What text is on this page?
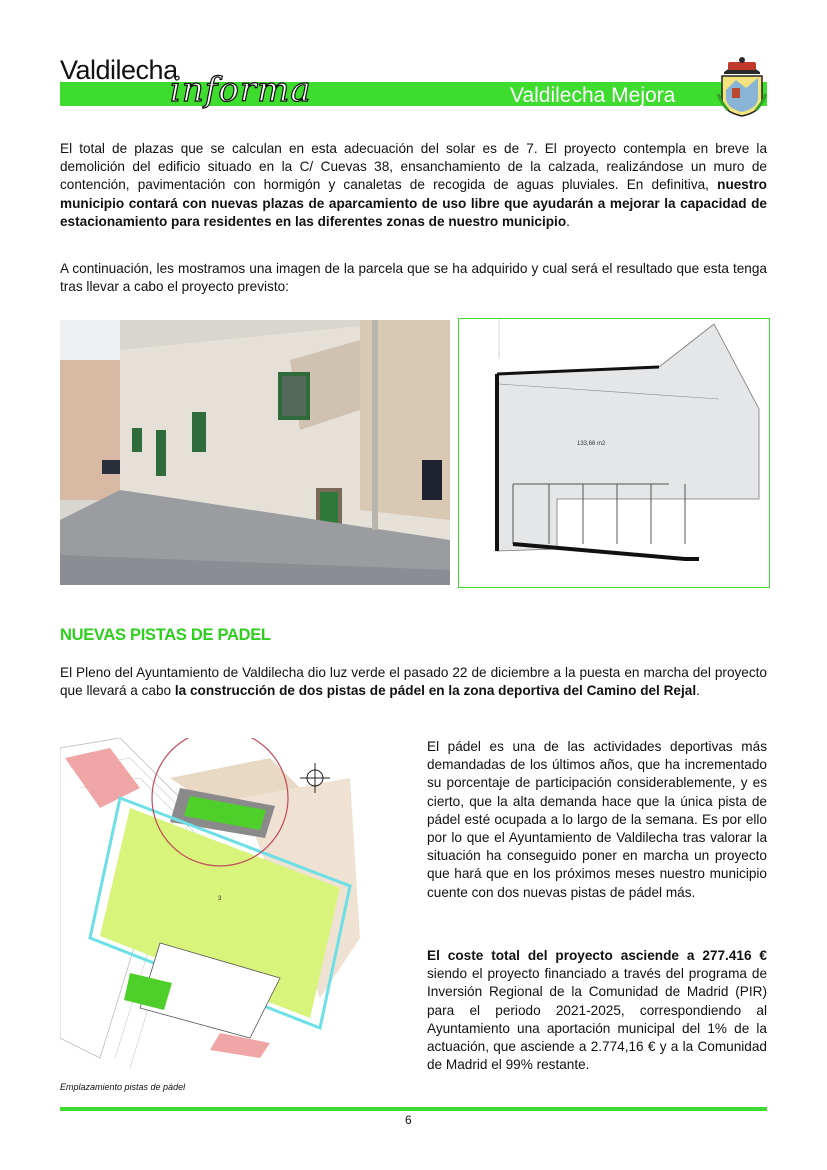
Valdilecha
informa	Valdilecha Mejora
El total de plazas que se calculan en esta adecuación del solar es de 7. El proyecto contempla en breve la demolición del edificio situado en la C/ Cuevas 38, ensanchamiento de la calzada, realizándose un muro de contención, pavimentación con hormigón y canaletas de recogida de aguas pluviales. En definitiva, nuestro municipio contará con nuevas plazas de aparcamiento de uso libre que ayudarán a mejorar la capacidad de estacionamiento para residentes en las diferentes zonas de nuestro municipio.
A continuación, les mostramos una imagen de la parcela que se ha adquirido y cual será el resultado que esta tenga tras llevar a cabo el proyecto previsto:
133,66 m2
NUEVAS PISTAS DE PADEL
El Pleno del Ayuntamiento de Valdilecha dio luz verde el pasado 22 de diciembre a la puesta en marcha del proyecto que llevará a cabo la construcción de dos pistas de pádel en la zona deportiva del Camino del Rejal.
3
El pádel es una de las actividades deportivas más demandadas de los últimos años, que ha incrementado su porcentaje de participación considerablemente, y es cierto, que la alta demanda hace que la única pista de pádel esté ocupada a lo largo de la semana. Es por ello por lo que el Ayuntamiento de Valdilecha tras valorar la situación ha conseguido poner en marcha un proyecto que hará que en los próximos meses nuestro municipio cuente con dos nuevas pistas de pádel más.
El coste total del proyecto asciende a 277.416 € siendo el proyecto financiado a través del programa de Inversión Regional de la Comunidad de Madrid (PIR) para el periodo 2021-2025, correspondiendo al Ayuntamiento una aportación municipal del 1% de la actuación, que asciende a 2.774,16 € y a la Comunidad de Madrid el 99% restante.
Emplazamiento pistas de pádel
6
